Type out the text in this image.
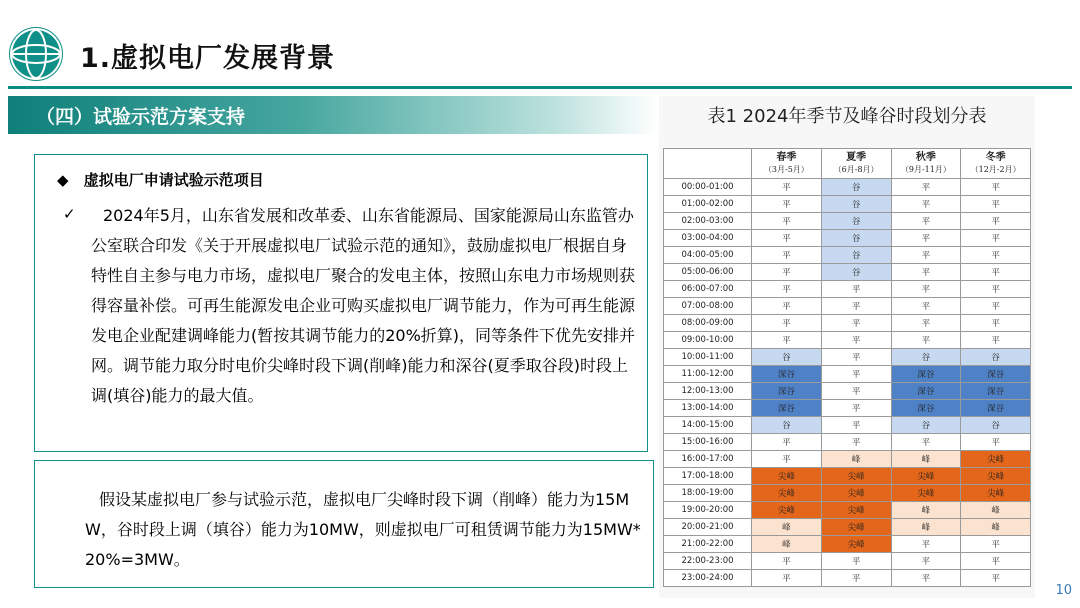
1.虚拟电厂发展背景
（四）试验示范方案支持
◆ 虚拟电厂申请试验示范项目
✓	2024年5月，山东省发展和改革委、山东省能源局、国家能源局山东监管办公室联合印发《关于开展虚拟电厂试验示范的通知》，鼓励虚拟电厂根据自身特性自主参与电力市场，虚拟电厂聚合的发电主体，按照山东电力市场规则获得容量补偿。可再生能源发电企业可购买虚拟电厂调节能力，作为可再生能源发电企业配建调峰能力(暂按其调节能力的20%折算)，同等条件下优先安排并网。调节能力取分时电价尖峰时段下调(削峰)能力和深谷(夏季取谷段)时段上调(填谷)能力的最大值。
假设某虚拟电厂参与试验示范，虚拟电厂尖峰时段下调（削峰）能力为15MW，谷时段上调（填谷）能力为10MW，则虚拟电厂可租赁调节能力为15MW*20%=3MW。
表1 2024年季节及峰谷时段划分表

	春季
（3月-5月）	夏季
（6月-8月）	秋季
（9月-11月）	冬季
（12月-2月）

00:00-01:00	平	谷	平	平
01:00-02:00	平	谷	平	平
02:00-03:00	平	谷	平	平
03:00-04:00	平	谷	平	平
04:00-05:00	平	谷	平	平
05:00-06:00	平	谷	平	平
06:00-07:00	平	平	平	平
07:00-08:00	平	平	平	平
08:00-09:00	平	平	平	平
09:00-10:00	平	平	平	平
10:00-11:00	谷	平	谷	谷
11:00-12:00	深谷	平	深谷	深谷
12:00-13:00	深谷	平	深谷	深谷
13:00-14:00	深谷	平	深谷	深谷
14:00-15:00	谷	平	谷	谷
15:00-16:00	平	平	平	平
16:00-17:00	平	峰	峰	尖峰
17:00-18:00	尖峰	尖峰	尖峰	尖峰
18:00-19:00	尖峰	尖峰	尖峰	尖峰
19:00-20:00	尖峰	尖峰	峰	峰
20:00-21:00	峰	尖峰	峰	峰
21:00-22:00	峰	尖峰	平	平
22:00-23:00	平	平	平	平
23:00-24:00	平	平	平	平
10
